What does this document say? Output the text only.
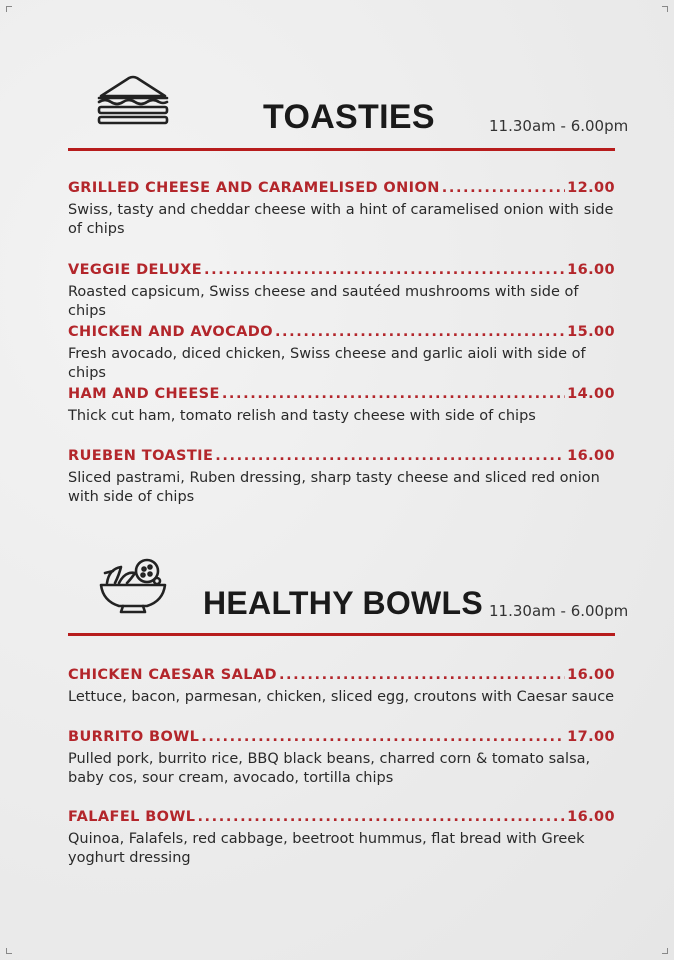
TOASTIES	11.30am - 6.00pm
GRILLED CHEESE AND CARAMELISED ONION .....	12.00
Swiss, tasty and cheddar cheese with a hint of caramelised onion with side of chips
VEGGIE DELUXE .....	16.00
Roasted capsicum, Swiss cheese and sautéed mushrooms with side of chips
CHICKEN AND AVOCADO .....	15.00
Fresh avocado, diced chicken, Swiss cheese and garlic aioli with side of chips
HAM AND CHEESE .....	14.00
Thick cut ham, tomato relish and tasty cheese with side of chips
RUEBEN TOASTIE .....	16.00
Sliced pastrami, Ruben dressing, sharp tasty cheese and sliced red onion with side of chips
HEALTHY BOWLS 11.30am - 6.00pm
CHICKEN CAESAR SALAD .....	16.00
Lettuce, bacon, parmesan, chicken, sliced egg, croutons with Caesar sauce
BURRITO BOWL .....	17.00
Pulled pork, burrito rice, BBQ black beans, charred corn & tomato salsa, baby cos, sour cream, avocado, tortilla chips
FALAFEL BOWL .....	16.00
Quinoa, Falafels, red cabbage, beetroot hummus, flat bread with Greek yoghurt dressing
